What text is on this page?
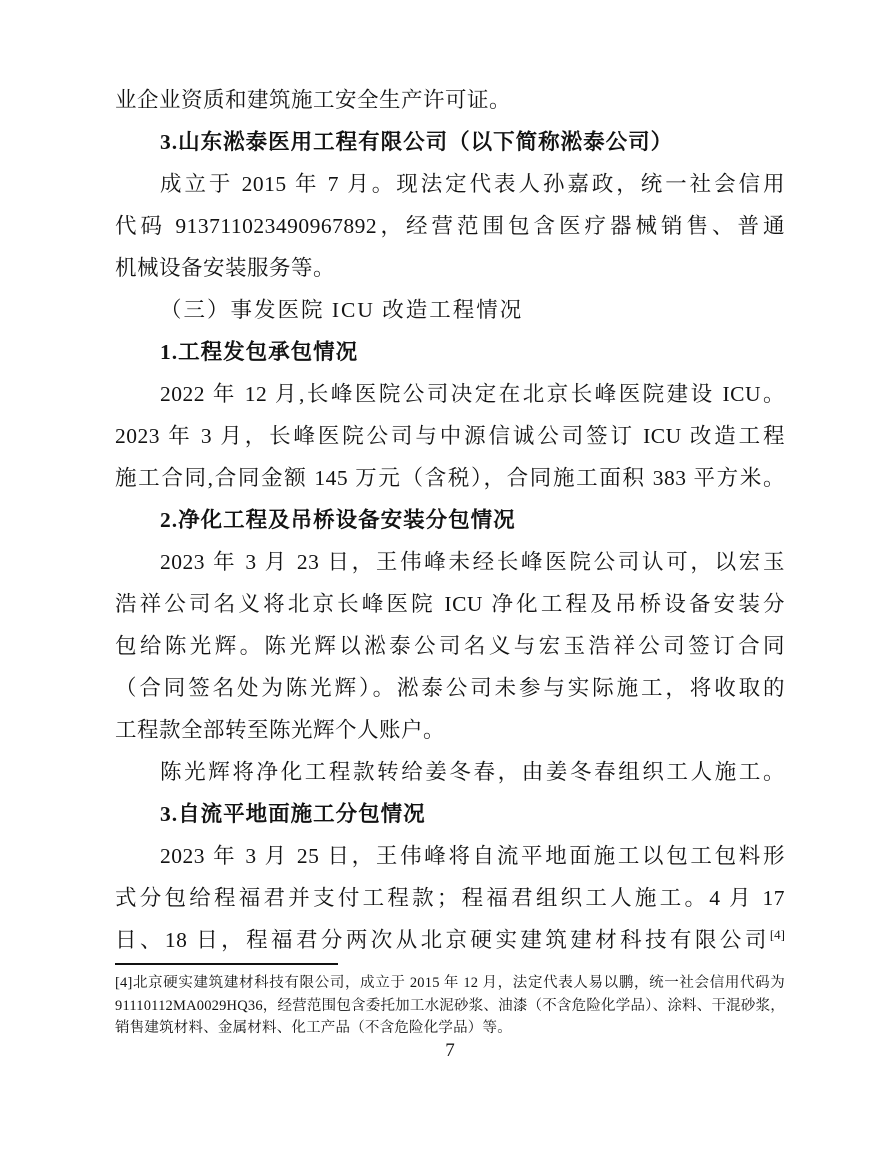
业企业资质和建筑施工安全生产许可证。
3.山东淞泰医用工程有限公司（以下简称淞泰公司）
成立于 2015 年 7 月。现法定代表人孙嘉政，统一社会信用
代码 913711023490967892，经营范围包含医疗器械销售、普通
机械设备安装服务等。
（三）事发医院 ICU 改造工程情况
1.工程发包承包情况
2022 年 12 月,长峰医院公司决定在北京长峰医院建设 ICU。
2023 年 3 月，长峰医院公司与中源信诚公司签订 ICU 改造工程
施工合同,合同金额 145 万元（含税），合同施工面积 383 平方米。
2.净化工程及吊桥设备安装分包情况
2023 年 3 月 23 日，王伟峰未经长峰医院公司认可，以宏玉
浩祥公司名义将北京长峰医院 ICU 净化工程及吊桥设备安装分
包给陈光辉。陈光辉以淞泰公司名义与宏玉浩祥公司签订合同
（合同签名处为陈光辉）。淞泰公司未参与实际施工，将收取的
工程款全部转至陈光辉个人账户。
陈光辉将净化工程款转给姜冬春，由姜冬春组织工人施工。
3.自流平地面施工分包情况
2023 年 3 月 25 日，王伟峰将自流平地面施工以包工包料形
式分包给程福君并支付工程款；程福君组织工人施工。4 月 17
日、18 日，程福君分两次从北京硬实建筑建材科技有限公司[4]
[4]北京硬实建筑建材科技有限公司，成立于 2015 年 12 月，法定代表人易以鹏，统一社会信用代码为 91110112MA0029HQ36，经营范围包含委托加工水泥砂浆、油漆（不含危险化学品）、涂料、干混砂浆，销售建筑材料、金属材料、化工产品（不含危险化学品）等。
7
